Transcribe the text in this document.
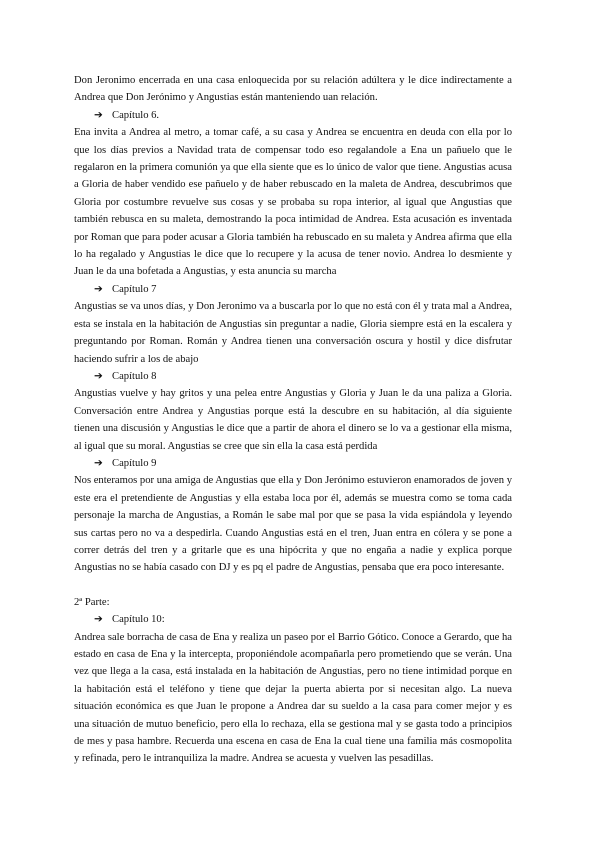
Don Jeronimo encerrada en una casa enloquecida por su relación adúltera y le dice indirectamente a Andrea que Don Jerónimo y Angustias están manteniendo uan relación.

➔ Capítulo 6.

Ena invita a Andrea al metro, a tomar café, a su casa y Andrea se encuentra en deuda con ella por lo que los días previos a Navidad trata de compensar todo eso regalandole a Ena un pañuelo que le regalaron en la primera comunión ya que ella siente que es lo único de valor que tiene. Angustias acusa a Gloria de haber vendido ese pañuelo y de haber rebuscado en la maleta de Andrea, descubrimos que Gloria por costumbre revuelve sus cosas y se probaba su ropa interior, al igual que Angustias que también rebusca en su maleta, demostrando la poca intimidad de Andrea. Esta acusación es inventada por Roman que para poder acusar a Gloria también ha rebuscado en su maleta y Andrea afirma que ella lo ha regalado y Angustias le dice que lo recupere y la acusa de tener novio. Andrea lo desmiente y Juan le da una bofetada a Angustias, y esta anuncia su marcha

➔ Capítulo 7

Angustias se va unos días, y Don Jeronimo va a buscarla por lo que no está con él y trata mal a Andrea, esta se instala en la habitación de Angustias sin preguntar a nadie, Gloria siempre está en la escalera y preguntando por Roman. Román y Andrea tienen una conversación oscura y hostil y dice disfrutar haciendo sufrir a los de abajo

➔ Capítulo 8

Angustias vuelve y hay gritos y una pelea entre Angustias y Gloria y Juan le da una paliza a Gloria. Conversación entre Andrea y Angustias porque está la descubre en su habitación, al día siguiente tienen una discusión y Angustias le dice que a partir de ahora el dinero se lo va a gestionar ella misma, al igual que su moral. Angustias se cree que sin ella la casa está perdida

➔ Capítulo 9

Nos enteramos por una amiga de Angustias que ella y Don Jerónimo estuvieron enamorados de joven y este era el pretendiente de Angustias y ella estaba loca por él, además se muestra como se toma cada personaje la marcha de Angustias, a Román le sabe mal por que se pasa la vida espiándola y leyendo sus cartas pero no va a despedirla. Cuando Angustias está en el tren, Juan entra en cólera y se pone a correr detrás del tren y a gritarle que es una hipócrita y que no engaña a nadie y explica porque Angustias no se había casado con DJ y es pq el padre de Angustias, pensaba que era poco interesante.

2ª Parte:

➔ Capítulo 10:

Andrea sale borracha de casa de Ena y realiza un paseo por el Barrio Gótico. Conoce a Gerardo, que ha estado en casa de Ena y la intercepta, proponiéndole acompañarla pero prometiendo que se verán. Una vez que llega a la casa, está instalada en la habitación de Angustias, pero no tiene intimidad porque en la habitación está el teléfono y tiene que dejar la puerta abierta por si necesitan algo. La nueva situación económica es que Juan le propone a Andrea dar su sueldo a la casa para comer mejor y es una situación de mutuo beneficio, pero ella lo rechaza, ella se gestiona mal y se gasta todo a principios de mes y pasa hambre. Recuerda una escena en casa de Ena la cual tiene una familia más cosmopolita y refinada, pero le intranquiliza la madre. Andrea se acuesta y vuelven las pesadillas.
